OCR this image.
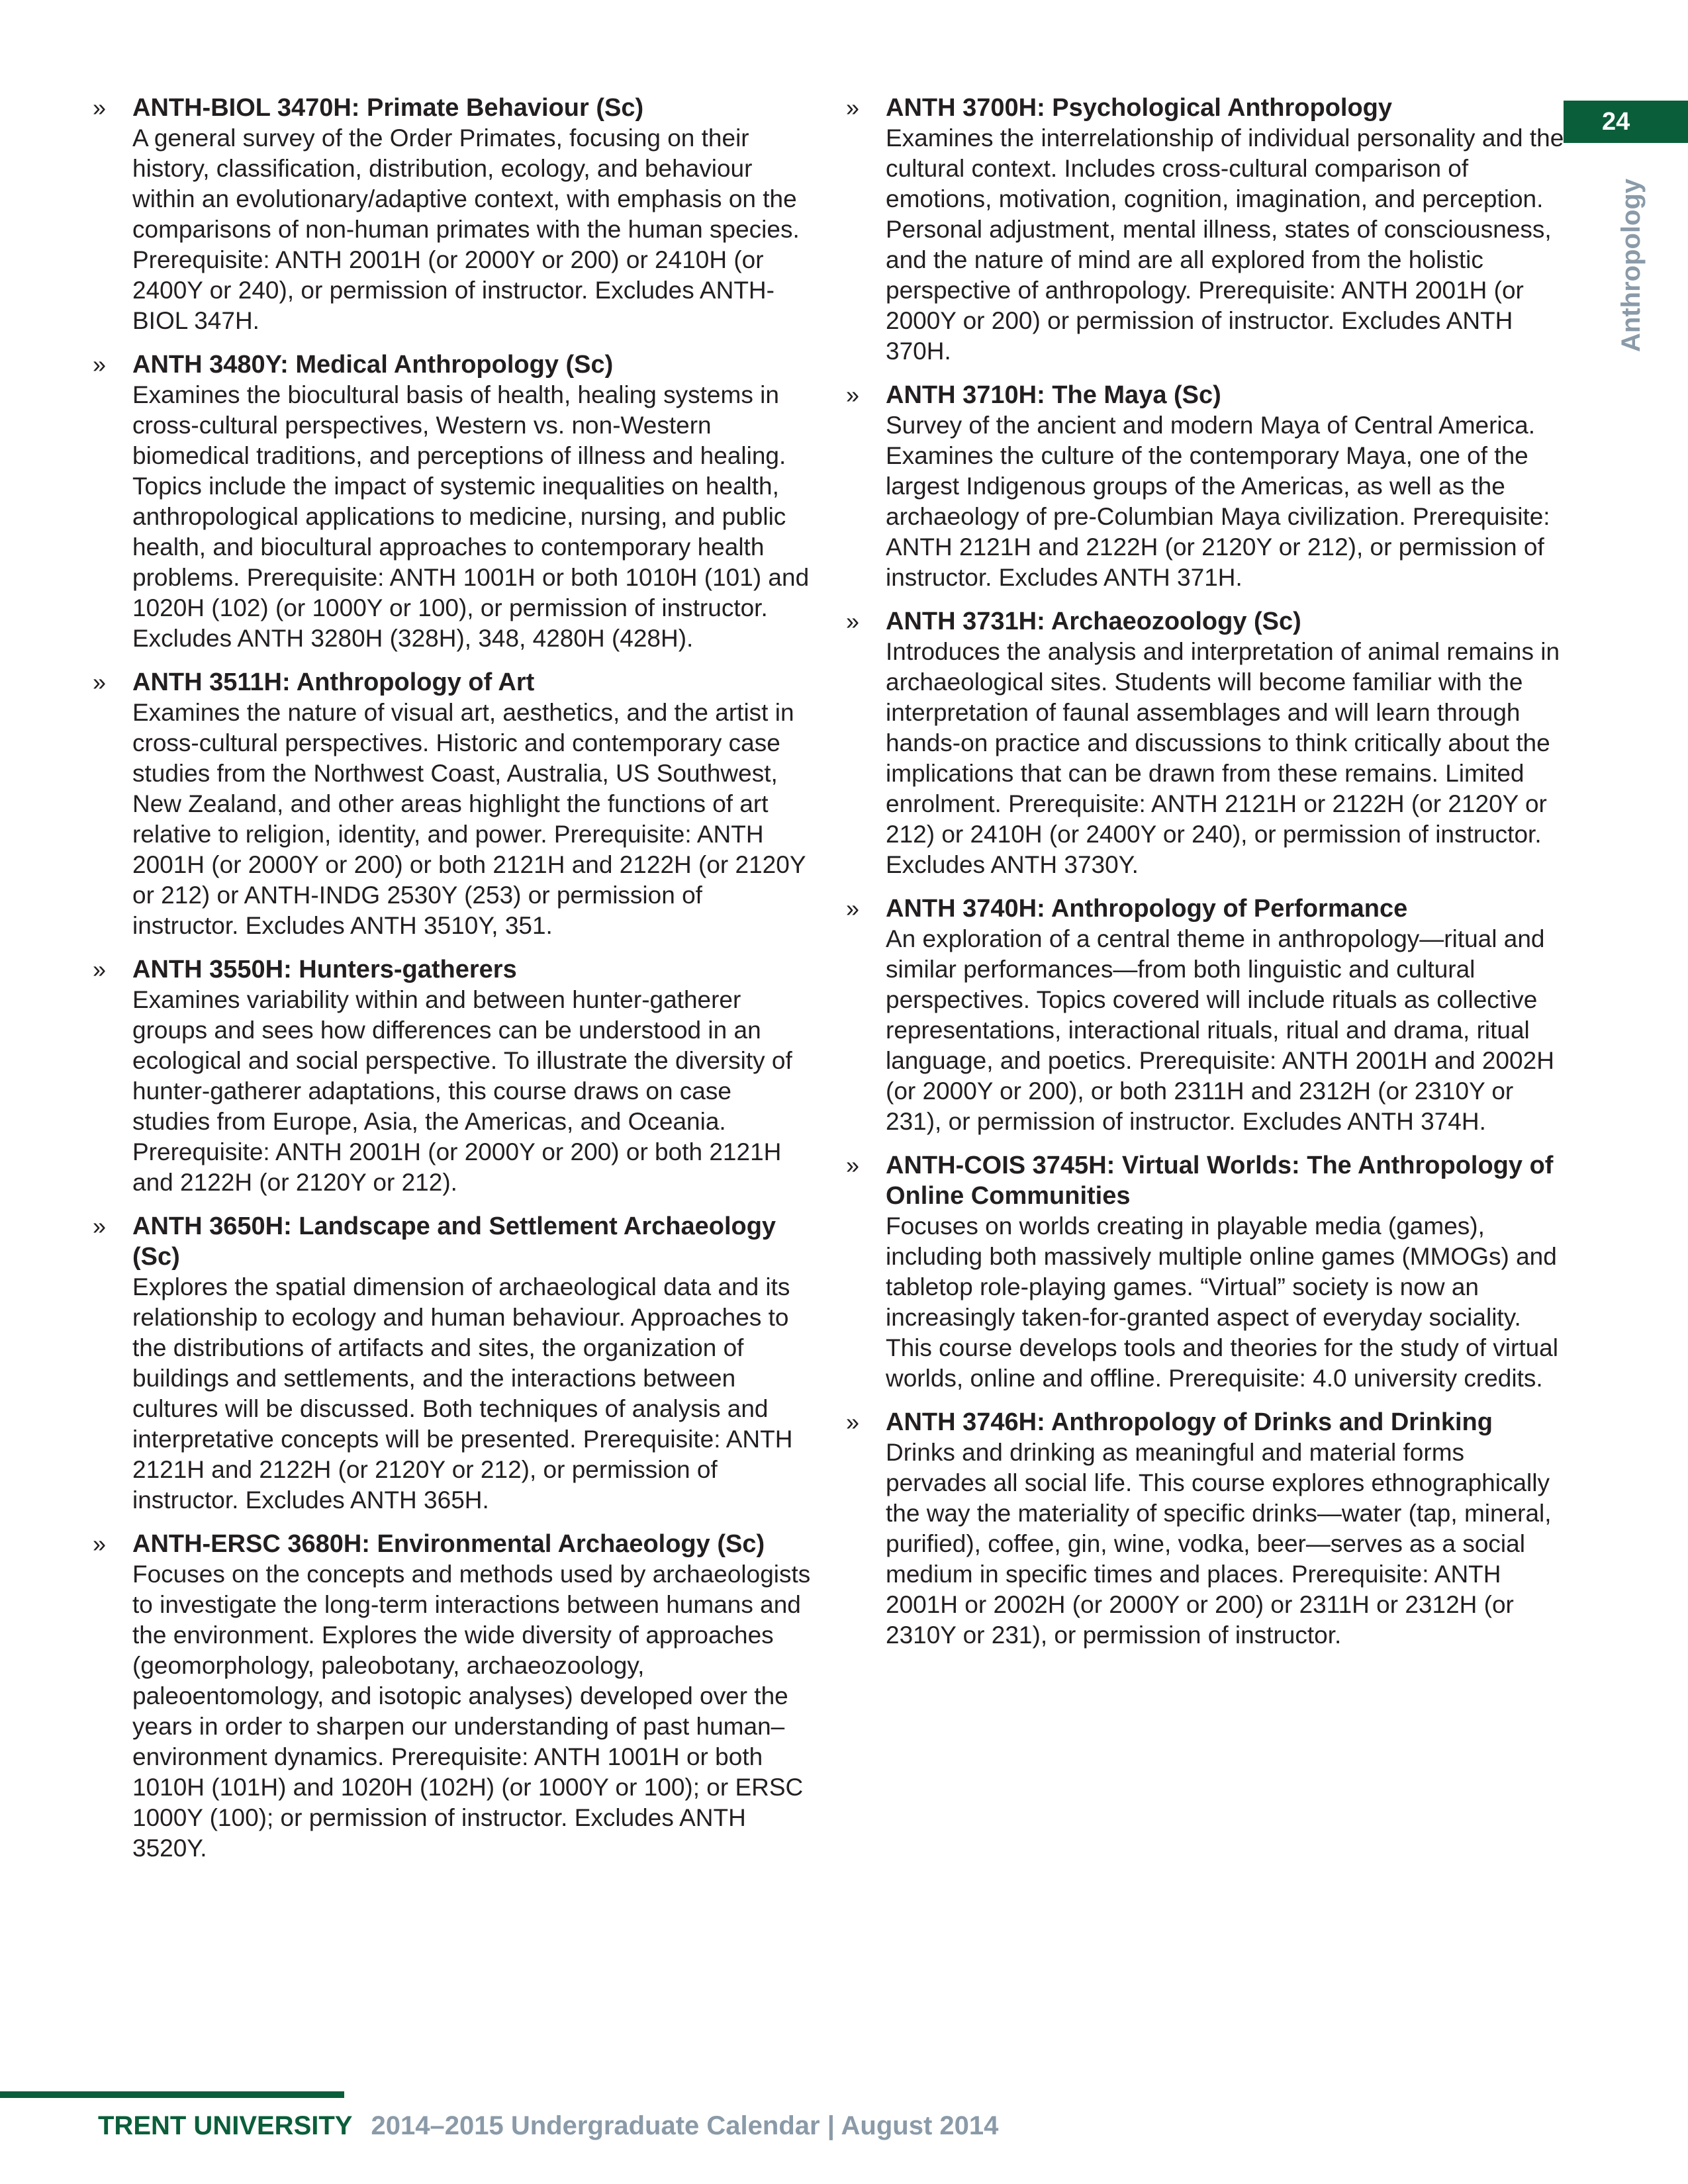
24
Anthropology
» ANTH-BIOL 3470H: Primate Behaviour (Sc)
A general survey of the Order Primates, focusing on their history, classification, distribution, ecology, and behaviour within an evolutionary/adaptive context, with emphasis on the comparisons of non-human primates with the human species. Prerequisite: ANTH 2001H (or 2000Y or 200) or 2410H (or 2400Y or 240), or permission of instructor. Excludes ANTH-BIOL 347H.
» ANTH 3480Y: Medical Anthropology (Sc)
Examines the biocultural basis of health, healing systems in cross-cultural perspectives, Western vs. non-Western biomedical traditions, and perceptions of illness and healing. Topics include the impact of systemic inequalities on health, anthropological applications to medicine, nursing, and public health, and biocultural approaches to contemporary health problems. Prerequisite: ANTH 1001H or both 1010H (101) and 1020H (102) (or 1000Y or 100), or permission of instructor. Excludes ANTH 3280H (328H), 348, 4280H (428H).
» ANTH 3511H: Anthropology of Art
Examines the nature of visual art, aesthetics, and the artist in cross-cultural perspectives. Historic and contemporary case studies from the Northwest Coast, Australia, US Southwest, New Zealand, and other areas highlight the functions of art relative to religion, identity, and power. Prerequisite: ANTH 2001H (or 2000Y or 200) or both 2121H and 2122H (or 2120Y or 212) or ANTH-INDG 2530Y (253) or permission of instructor. Excludes ANTH 3510Y, 351.
» ANTH 3550H: Hunters-gatherers
Examines variability within and between hunter-gatherer groups and sees how differences can be understood in an ecological and social perspective. To illustrate the diversity of hunter-gatherer adaptations, this course draws on case studies from Europe, Asia, the Americas, and Oceania. Prerequisite: ANTH 2001H (or 2000Y or 200) or both 2121H and 2122H (or 2120Y or 212).
» ANTH 3650H: Landscape and Settlement Archaeology (Sc)
Explores the spatial dimension of archaeological data and its relationship to ecology and human behaviour. Approaches to the distributions of artifacts and sites, the organization of buildings and settlements, and the interactions between cultures will be discussed. Both techniques of analysis and interpretative concepts will be presented. Prerequisite: ANTH 2121H and 2122H (or 2120Y or 212), or permission of instructor. Excludes ANTH 365H.
» ANTH-ERSC 3680H: Environmental Archaeology (Sc)
Focuses on the concepts and methods used by archaeologists to investigate the long-term interactions between humans and the environment. Explores the wide diversity of approaches (geomorphology, paleobotany, archaeozoology, paleoentomology, and isotopic analyses) developed over the years in order to sharpen our understanding of past human–environment dynamics. Prerequisite: ANTH 1001H or both 1010H (101H) and 1020H (102H) (or 1000Y or 100); or ERSC 1000Y (100); or permission of instructor. Excludes ANTH 3520Y.
» ANTH 3700H: Psychological Anthropology
Examines the interrelationship of individual personality and the cultural context. Includes cross-cultural comparison of emotions, motivation, cognition, imagination, and perception. Personal adjustment, mental illness, states of consciousness, and the nature of mind are all explored from the holistic perspective of anthropology. Prerequisite: ANTH 2001H (or 2000Y or 200) or permission of instructor. Excludes ANTH 370H.
» ANTH 3710H: The Maya (Sc)
Survey of the ancient and modern Maya of Central America. Examines the culture of the contemporary Maya, one of the largest Indigenous groups of the Americas, as well as the archaeology of pre-Columbian Maya civilization. Prerequisite: ANTH 2121H and 2122H (or 2120Y or 212), or permission of instructor. Excludes ANTH 371H.
» ANTH 3731H: Archaeozoology (Sc)
Introduces the analysis and interpretation of animal remains in archaeological sites. Students will become familiar with the interpretation of faunal assemblages and will learn through hands-on practice and discussions to think critically about the implications that can be drawn from these remains. Limited enrolment. Prerequisite: ANTH 2121H or 2122H (or 2120Y or 212) or 2410H (or 2400Y or 240), or permission of instructor. Excludes ANTH 3730Y.
» ANTH 3740H: Anthropology of Performance
An exploration of a central theme in anthropology—ritual and similar performances—from both linguistic and cultural perspectives. Topics covered will include rituals as collective representations, interactional rituals, ritual and drama, ritual language, and poetics. Prerequisite: ANTH 2001H and 2002H (or 2000Y or 200), or both 2311H and 2312H (or 2310Y or 231), or permission of instructor. Excludes ANTH 374H.
» ANTH-COIS 3745H: Virtual Worlds: The Anthropology of Online Communities
Focuses on worlds creating in playable media (games), including both massively multiple online games (MMOGs) and tabletop role-playing games. “Virtual” society is now an increasingly taken-for-granted aspect of everyday sociality. This course develops tools and theories for the study of virtual worlds, online and offline. Prerequisite: 4.0 university credits.
» ANTH 3746H: Anthropology of Drinks and Drinking
Drinks and drinking as meaningful and material forms pervades all social life. This course explores ethnographically the way the materiality of specific drinks—water (tap, mineral, purified), coffee, gin, wine, vodka, beer—serves as a social medium in specific times and places. Prerequisite: ANTH 2001H or 2002H (or 2000Y or 200) or 2311H or 2312H (or 2310Y or 231), or permission of instructor.
TRENT UNIVERSITY 2014–2015 Undergraduate Calendar | August 2014
